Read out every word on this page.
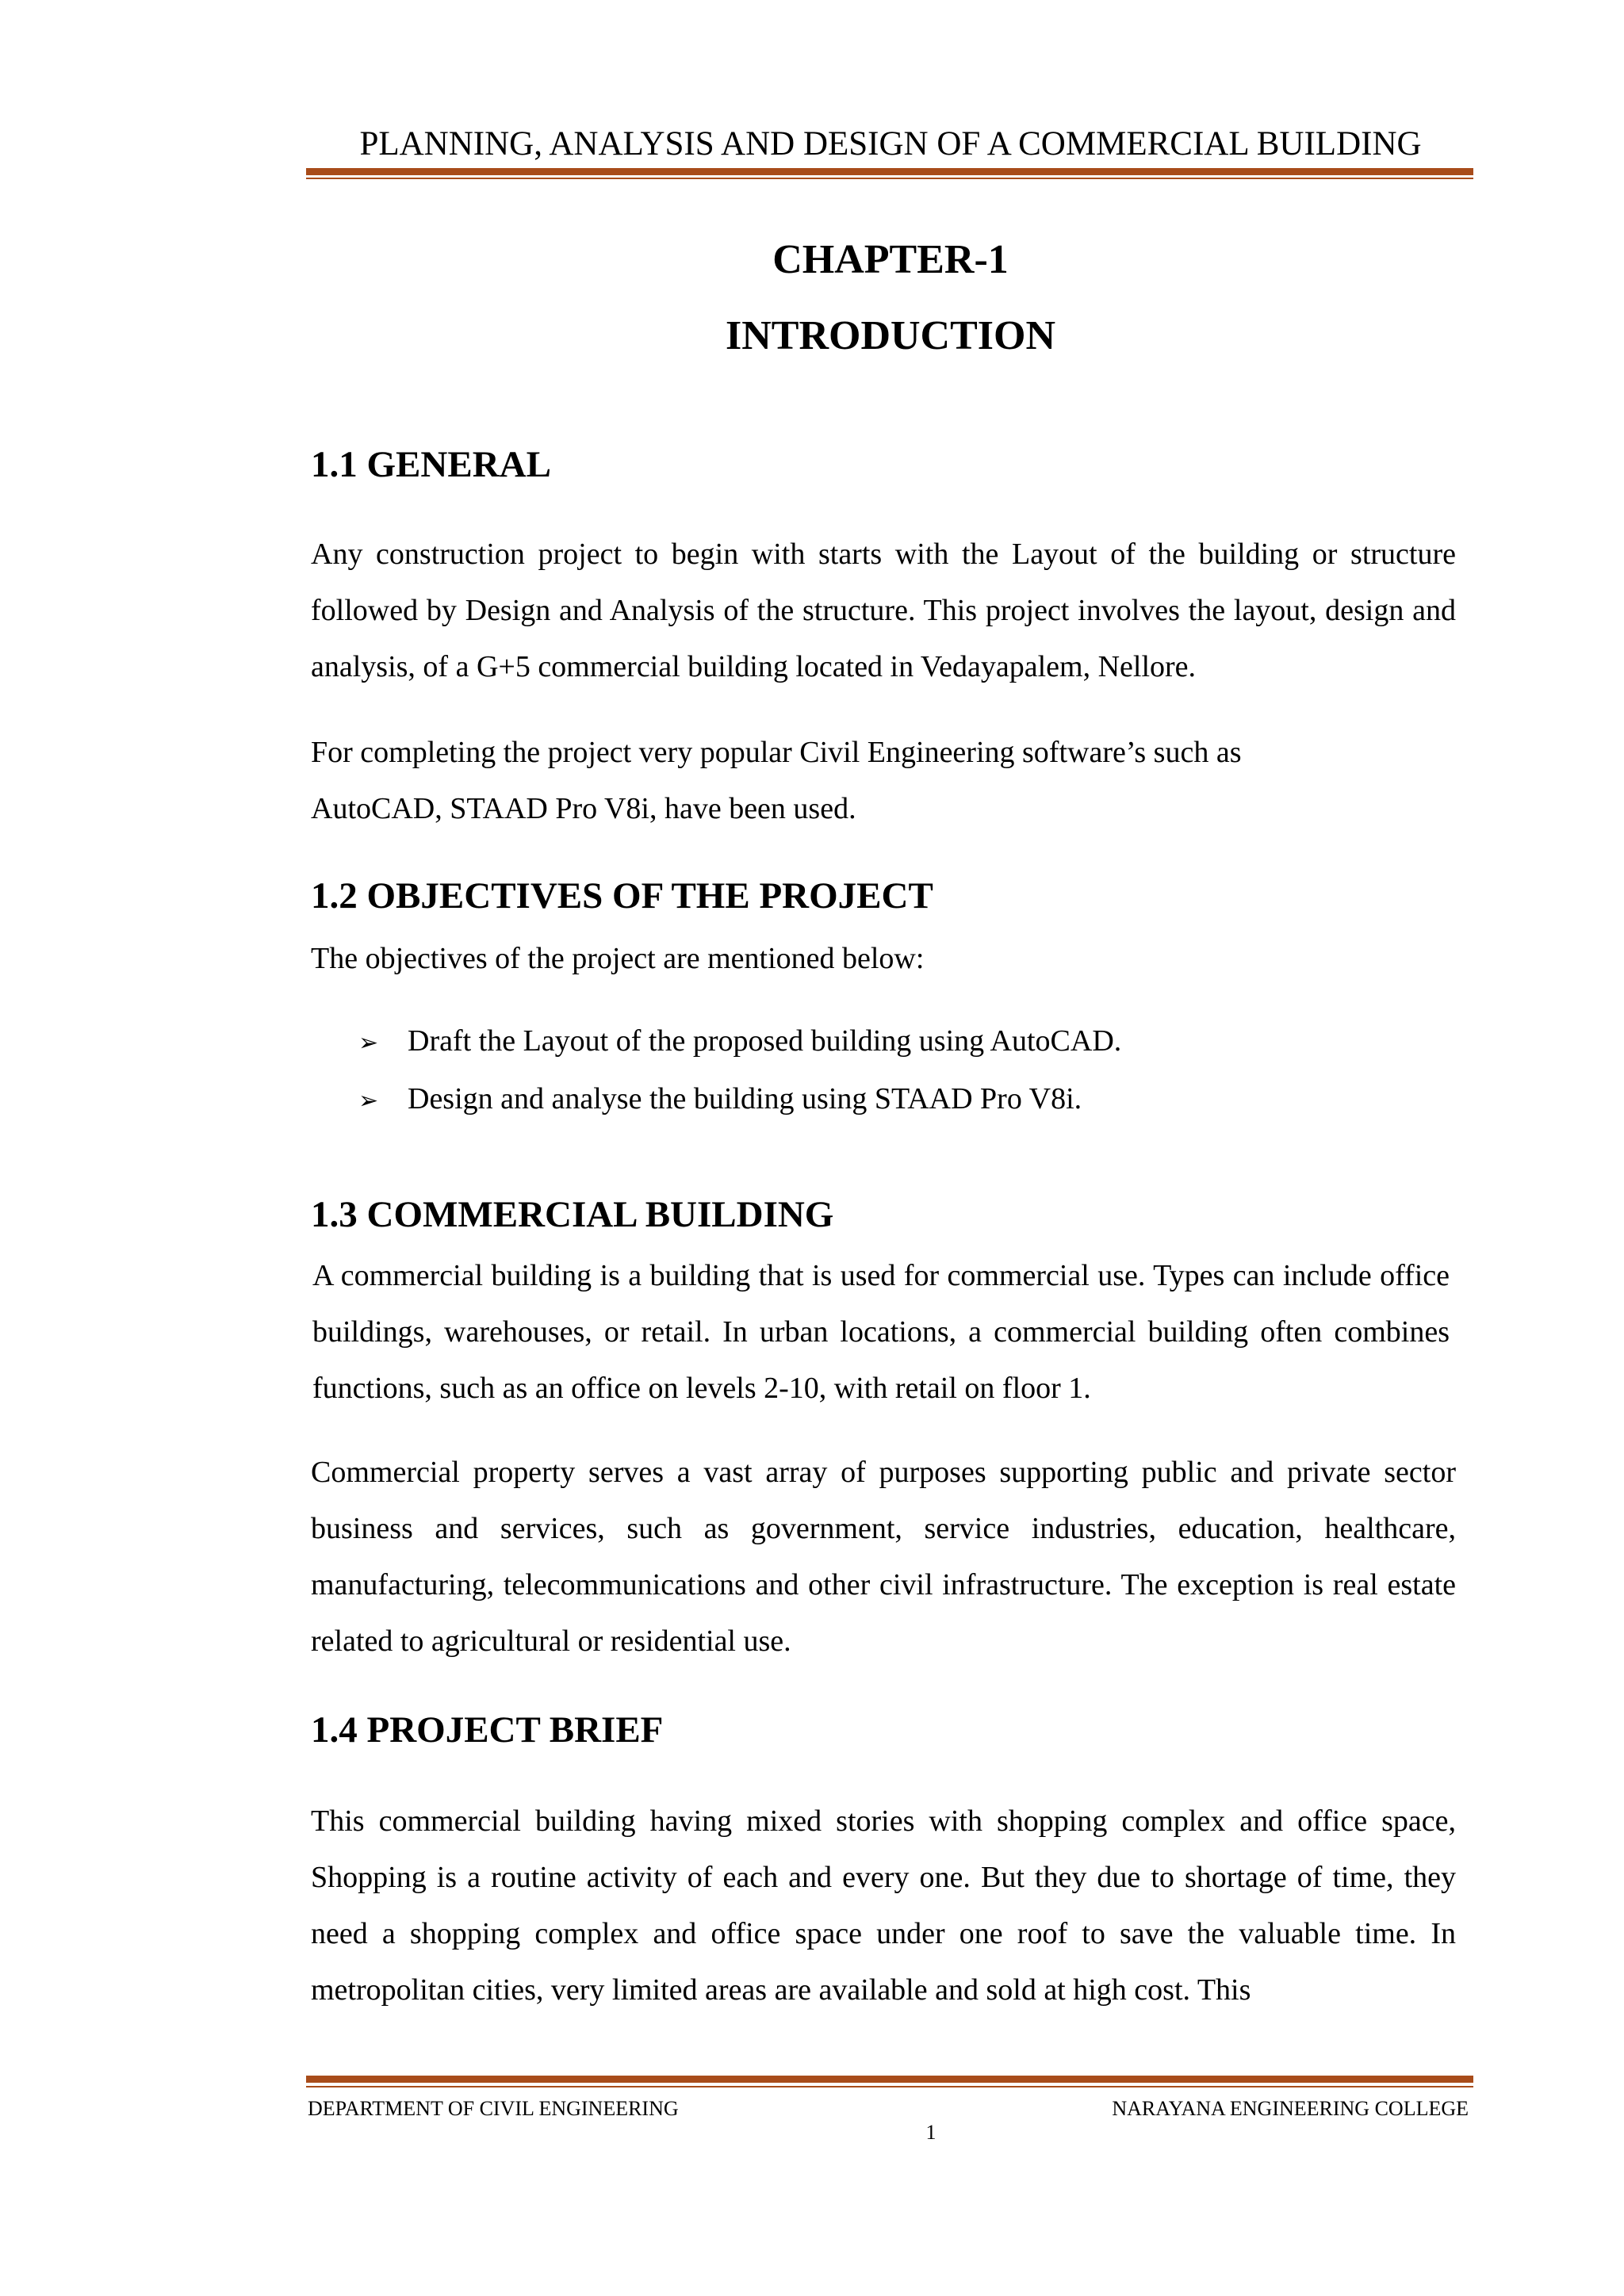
PLANNING, ANALYSIS AND DESIGN OF A COMMERCIAL BUILDING
CHAPTER-1
INTRODUCTION
1.1 GENERAL

Any construction project to begin with starts with the Layout of the building or structure followed by Design and Analysis of the structure. This project involves the layout, design and analysis, of a G+5 commercial building located in Vedayapalem, Nellore.

For completing the project very popular Civil Engineering software’s such as AutoCAD, STAAD Pro V8i, have been used.

1.2 OBJECTIVES OF THE PROJECT

The objectives of the project are mentioned below:

➢ Draft the Layout of the proposed building using AutoCAD.
➢ Design and analyse the building using STAAD Pro V8i.
1.3 COMMERCIAL BUILDING

A commercial building is a building that is used for commercial use. Types can include office buildings, warehouses, or retail. In urban locations, a commercial building often combines functions, such as an office on levels 2-10, with retail on floor 1.

Commercial property serves a vast array of purposes supporting public and private sector business and services, such as government, service industries, education, healthcare, manufacturing, telecommunications and other civil infrastructure. The exception is real estate related to agricultural or residential use.

1.4 PROJECT BRIEF

This commercial building having mixed stories with shopping complex and office space, Shopping is a routine activity of each and every one. But they due to shortage of time, they need a shopping complex and office space under one roof to save the valuable time. In metropolitan cities, very limited areas are available and sold at high cost. This

DEPARTMENT OF CIVIL ENGINEERING	NARAYANA ENGINEERING COLLEGE
1
